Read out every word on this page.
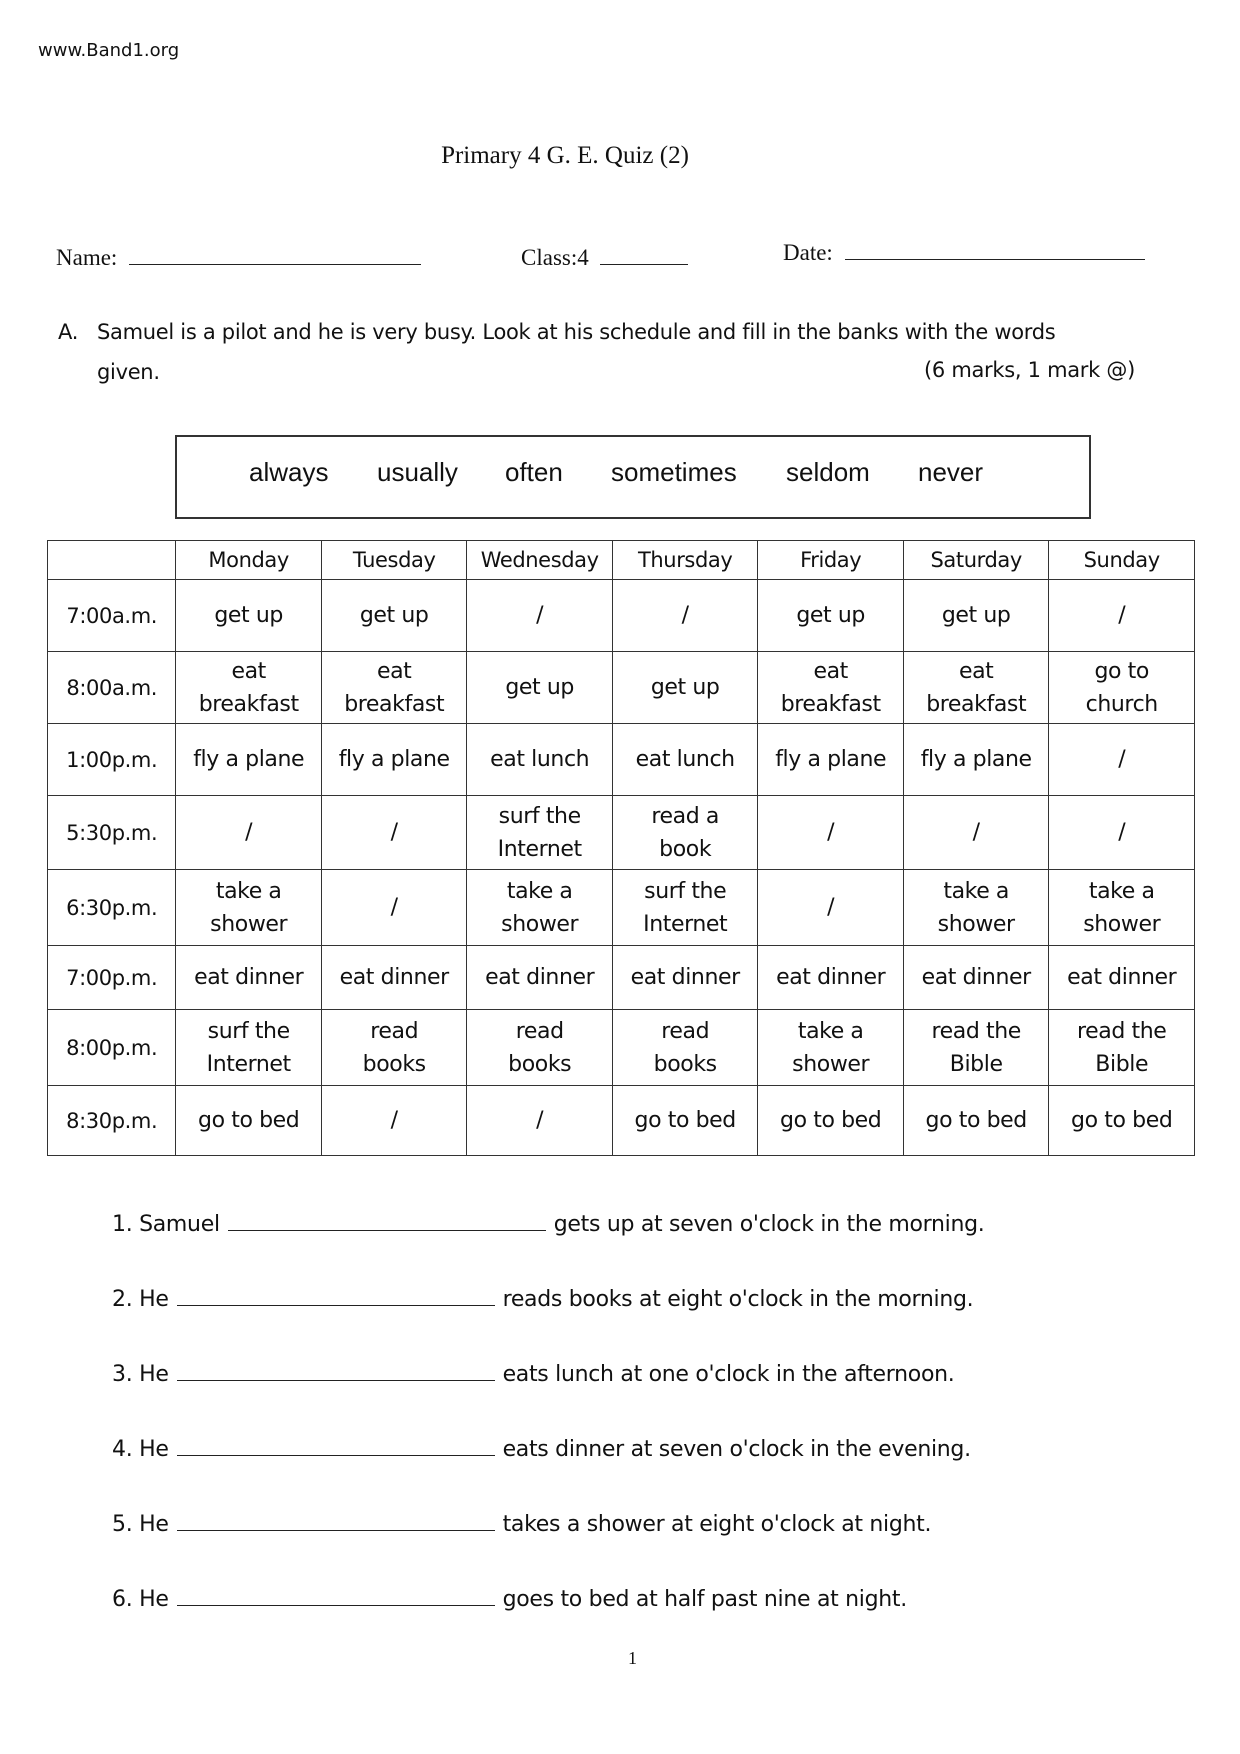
www.Band1.org
Primary 4 G. E. Quiz (2)
Name:	Class:4	Date:
A. Samuel is a pilot and he is very busy. Look at his schedule and fill in the banks with the words
given.	(6 marks, 1 mark @)
always usually often sometimes seldom never
	Monday	Tuesday	Wednesday	Thursday	Friday	Saturday	Sunday
7:00a.m.	get up	get up	/	/	get up	get up	/
8:00a.m.	eat
breakfast	eat
breakfast	get up	get up	eat
breakfast	eat
breakfast	go to
church
1:00p.m.	fly a plane	fly a plane	eat lunch	eat lunch	fly a plane	fly a plane	/
5:30p.m.	/	/	surf the
Internet	read a
book	/	/	/
6:30p.m.	take a
shower	/	take a
shower	surf the
Internet	/	take a
shower	take a
shower
7:00p.m.	eat dinner	eat dinner	eat dinner	eat dinner	eat dinner	eat dinner	eat dinner
8:00p.m.	surf the
Internet	read
books	read
books	read
books	take a
shower	read the
Bible	read the
Bible
8:30p.m.	go to bed	/	/	go to bed	go to bed	go to bed	go to bed
1. Samuel	gets up at seven o'clock in the morning.
2. He	reads books at eight o'clock in the morning.
3. He	eats lunch at one o'clock in the afternoon.
4. He	eats dinner at seven o'clock in the evening.
5. He	takes a shower at eight o'clock at night.
6. He	goes to bed at half past nine at night.
1
